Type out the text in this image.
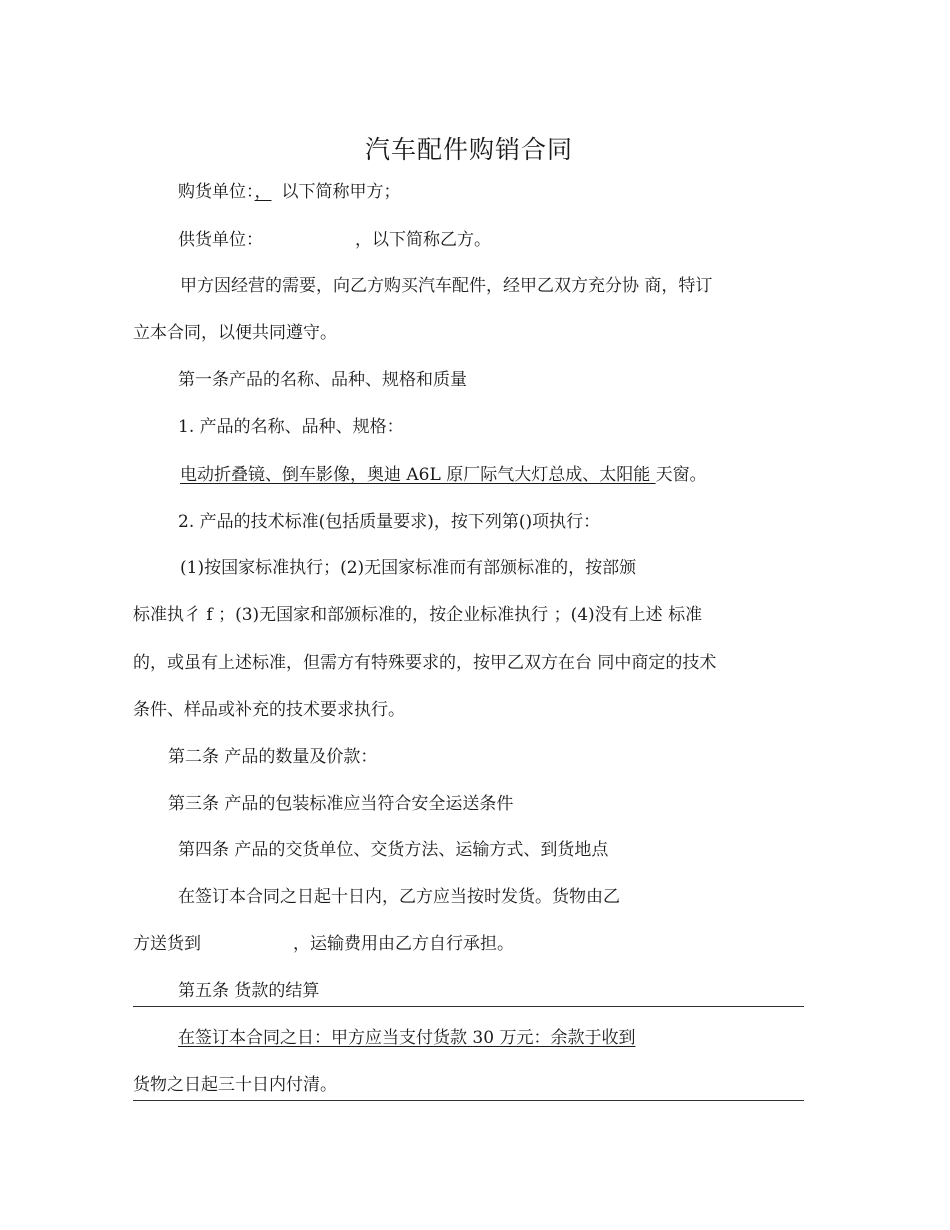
汽车配件购销合同
购货单位：， 以下简称甲方；
供货单位：	，以下简称乙方。
甲方因经营的需要，向乙方购买汽车配件，经甲乙双方充分协 商，特订
立本合同，以便共同遵守。
第一条产品的名称、品种、规格和质量
1. 产品的名称、品种、规格：
电动折叠镜、倒车影像，奥迪 A6L 原厂际气大灯总成、太阳能 天窗。
2. 产品的技术标准(包括质量要求)，按下列第()项执行：
(1)按国家标准执行；(2)无国家标准而有部颁标准的，按部颁
标准执彳 f ；(3)无国家和部颁标准的，按企业标准执行 ；(4)没有上述 标准
的，或虽有上述标准，但需方有特殊要求的，按甲乙双方在台 同中商定的技术
条件、样品或补充的技术要求执行。
第二条 产品的数量及价款：
第三条 产品的包装标准应当符合安全运送条件
第四条 产品的交货单位、交货方法、运输方式、到货地点
在签订本合同之日起十日内，乙方应当按时发货。货物由乙
方送货到	，运输费用由乙方自行承担。
第五条 货款的结算
在签订本合同之日：甲方应当支付货款 30 万元：余款于收到
货物之日起三十日内付清。
